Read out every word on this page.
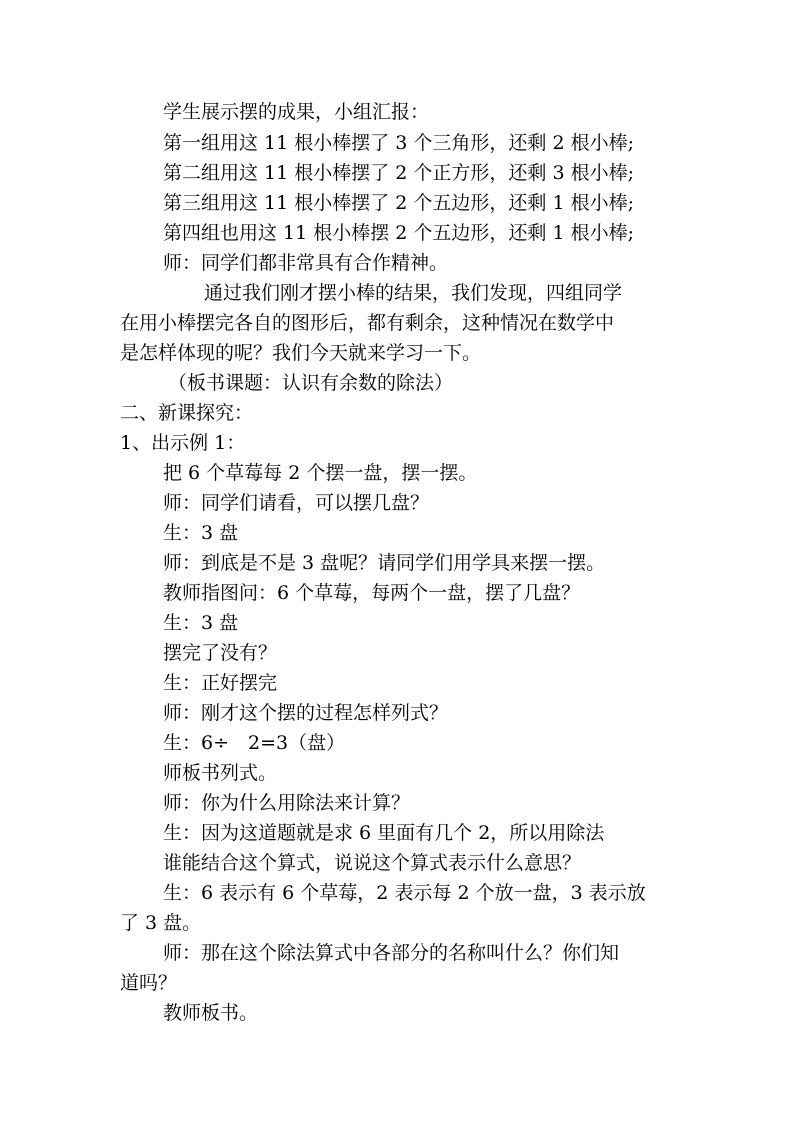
学生展示摆的成果，小组汇报：
第一组用这 11 根小棒摆了 3 个三角形，还剩 2 根小棒;
第二组用这 11 根小棒摆了 2 个正方形，还剩 3 根小棒;
第三组用这 11 根小棒摆了 2 个五边形，还剩 1 根小棒;
第四组也用这 11 根小棒摆 2 个五边形，还剩 1 根小棒;
师：同学们都非常具有合作精神。
通过我们刚才摆小棒的结果，我们发现，四组同学
在用小棒摆完各自的图形后，都有剩余，这种情况在数学中
是怎样体现的呢？我们今天就来学习一下。
（板书课题：认识有余数的除法）
二、新课探究：
1、出示例 1：
把 6 个草莓每 2 个摆一盘，摆一摆。
师：同学们请看，可以摆几盘？
生：3 盘
师：到底是不是 3 盘呢？请同学们用学具来摆一摆。
教师指图问：6 个草莓，每两个一盘，摆了几盘？
生：3 盘
摆完了没有？
生：正好摆完
师：刚才这个摆的过程怎样列式？
生：6÷　2=3（盘）
师板书列式。
师：你为什么用除法来计算？
生：因为这道题就是求 6 里面有几个 2，所以用除法
谁能结合这个算式，说说这个算式表示什么意思？
生：6 表示有 6 个草莓，2 表示每 2 个放一盘，3 表示放
了 3 盘。
师：那在这个除法算式中各部分的名称叫什么？你们知
道吗？
教师板书。
